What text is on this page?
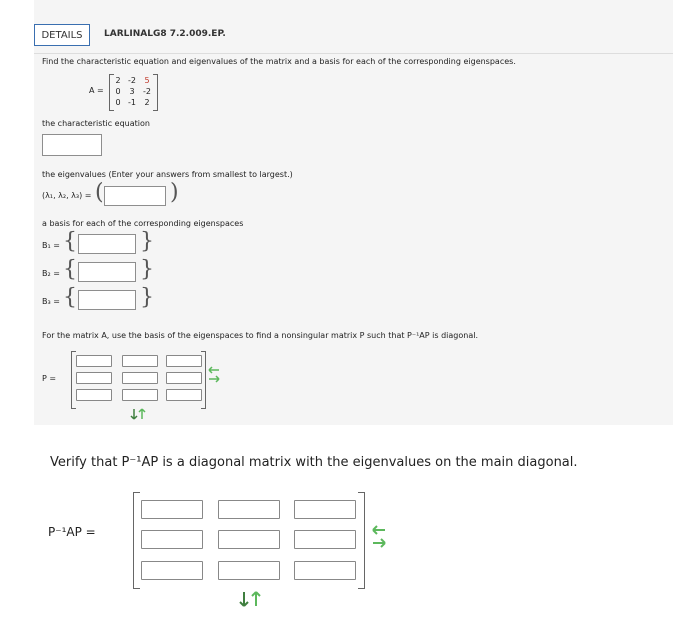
DETAILS	LARLINALG8 7.2.009.EP.
Find the characteristic equation and eigenvalues of the matrix and a basis for each of the corresponding eigenspaces.
A =
2 -2	5
0	3	-2
0 -1	2
the characteristic equation
the eigenvalues (Enter your answers from smallest to largest.)
(λ₁, λ₂, λ₃) = (	)
a basis for each of the corresponding eigenspaces
B₁ = {	}
B₂ = {	}
B₃ = {	}
For the matrix A, use the basis of the eigenspaces to find a nonsingular matrix P such that P⁻¹AP is diagonal.
P =
Verify that P⁻¹AP is a diagonal matrix with the eigenvalues on the main diagonal.
P⁻¹AP =
